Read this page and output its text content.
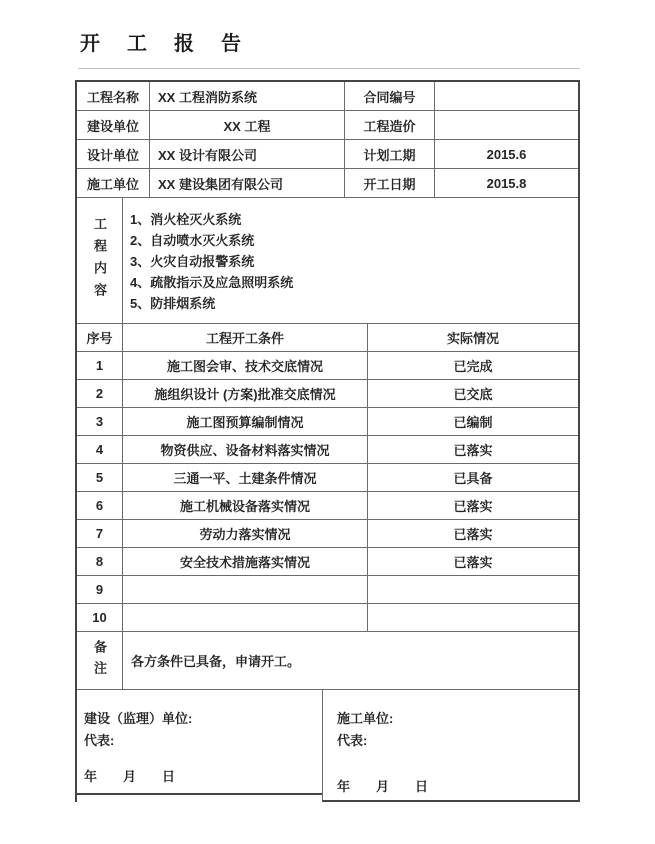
开工报告
工程名称	XX 工程消防系统	合同编号
建设单位	XX 工程	工程造价
设计单位	XX 设计有限公司	计划工期	2015.6
施工单位	XX 建设集团有限公司	开工日期	2015.8
工程内容 1、消火栓灭火系统
2、自动喷水灭火系统
3、火灾自动报警系统
4、疏散指示及应急照明系统
5、防排烟系统
序号	工程开工条件	实际情况
1	施工图会审、技术交底情况	已完成
2	施组织设计 (方案)批准交底情况	已交底
3	施工图预算编制情况	已编制
4	物资供应、设备材料落实情况	已落实
5	三通一平、土建条件情况	已具备
6	施工机械设备落实情况	已落实
7	劳动力落实情况	已落实
8	安全技术措施落实情况	已落实
9
10
备注	各方条件已具备，申请开工。
建设（监理）单位:
代表:
年　　月　　日
施工单位:
代表:
年　　月　　日
